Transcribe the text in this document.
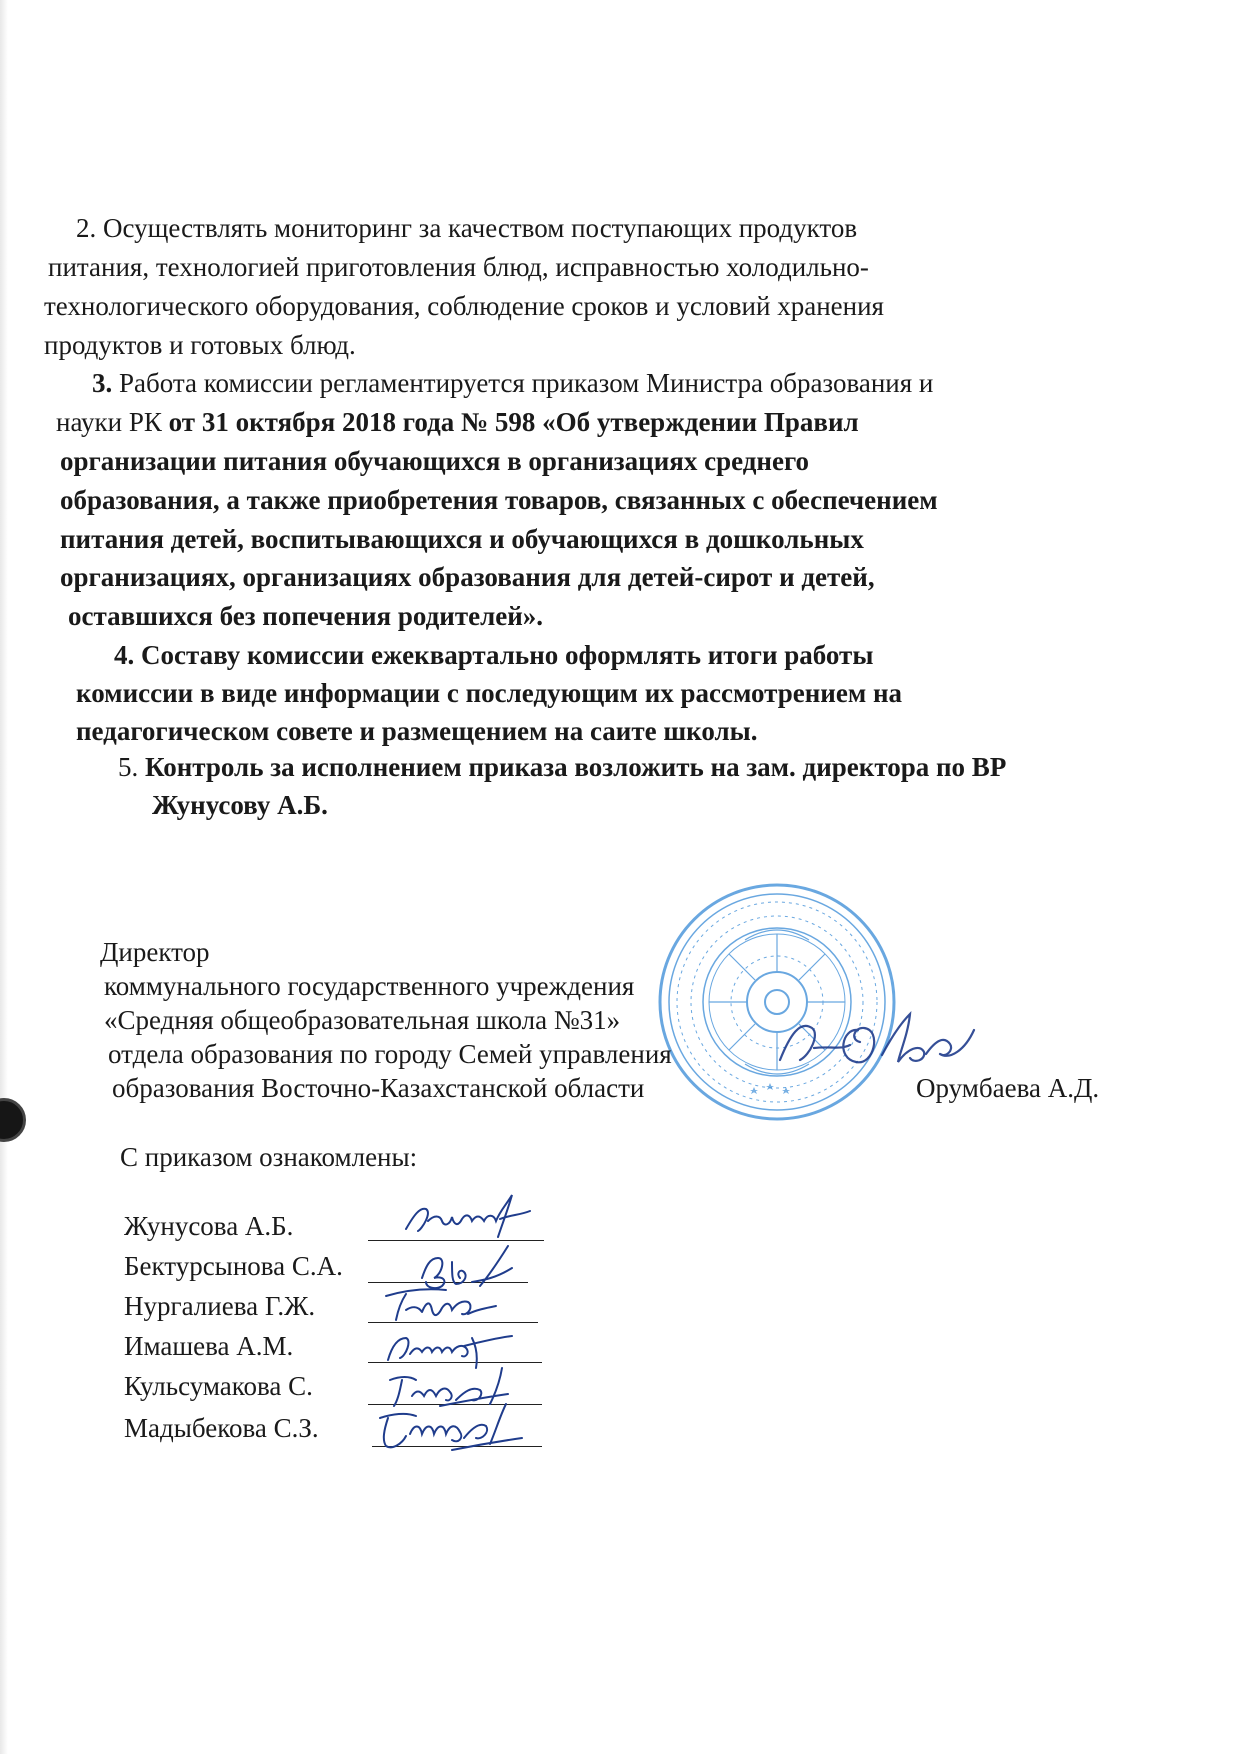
2. Осуществлять мониторинг за качеством поступающих продуктов
питания, технологией приготовления блюд, исправностью холодильно-
технологического оборудования, соблюдение сроков и условий хранения
продуктов и готовых блюд.
3. Работа комиссии регламентируется приказом Министра образования и
науки РК от 31 октября 2018 года № 598 «Об утверждении Правил
организации питания обучающихся в организациях среднего
образования, а также приобретения товаров, связанных с обеспечением
питания детей, воспитывающихся и обучающихся в дошкольных
организациях, организациях образования для детей-сирот и детей,
оставшихся без попечения родителей».
4. Составу комиссии ежеквартально оформлять итоги работы
комиссии в виде информации с последующим их рассмотрением на
педагогическом совете и размещением на саите школы.
5. Контроль за исполнением приказа возложить на зам. директора по ВР
Жунусову А.Б.
Директор
коммунального государственного учреждения
«Средняя общеобразовательная школа №31»
отдела образования по городу Семей управления
образования Восточно-Казахстанской области	Орумбаева А.Д.
С приказом ознакомлены:
Жунусова А.Б.
Бектурсынова С.А.
Нургалиева Г.Ж.
Имашева А.М.
Кульсумакова С.
Мадыбекова С.З.
